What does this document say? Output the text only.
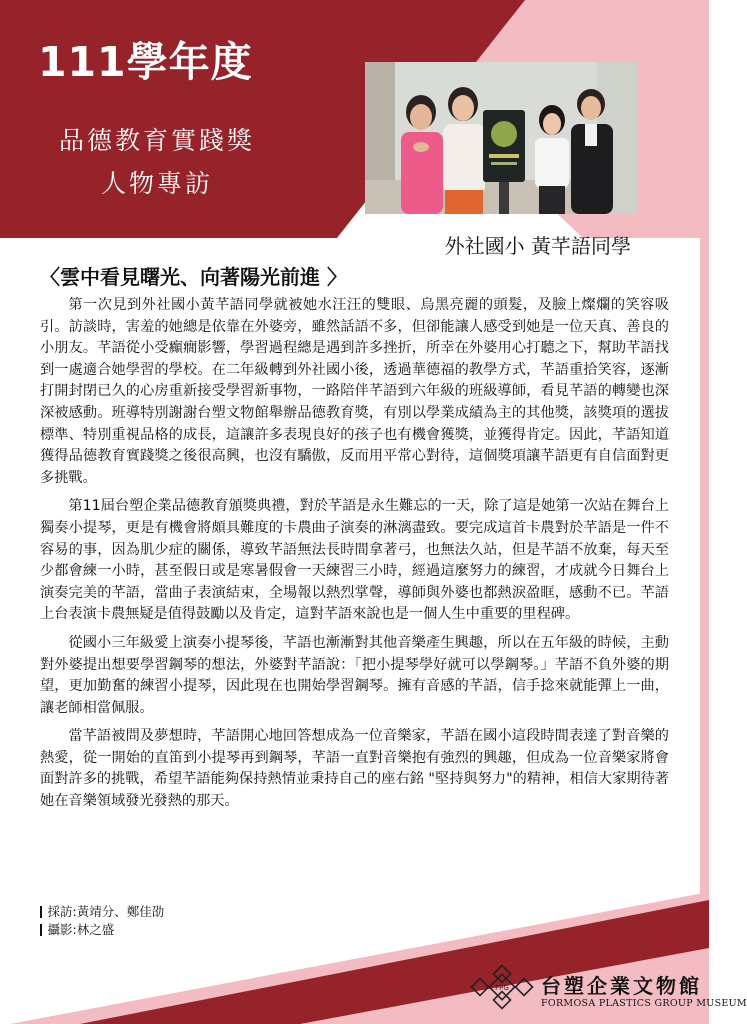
111學年度
品德教育實踐獎
人物專訪
外社國小 黃芊語同學
〈雲中看見曙光、向著陽光前進 〉

第一次見到外社國小黃芊語同學就被她水汪汪的雙眼、烏黑亮麗的頭髮，及臉上燦爛的笑容吸引。訪談時，害羞的她總是依靠在外婆旁，雖然話語不多，但卻能讓人感受到她是一位天真、善良的小朋友。芊語從小受癲癇影響，學習過程總是遇到許多挫折，所幸在外婆用心打聽之下，幫助芊語找到一處適合她學習的學校。在二年級轉到外社國小後，透過華德福的教學方式，芊語重拾笑容，逐漸打開封閉已久的心房重新接受學習新事物，一路陪伴芊語到六年級的班級導師，看見芊語的轉變也深深被感動。班導特別謝謝台塑文物館舉辦品德教育獎，有別以學業成績為主的其他獎，該獎項的選拔標準、特別重視品格的成長，這讓許多表現良好的孩子也有機會獲獎，並獲得肯定。因此，芊語知道獲得品德教育實踐獎之後很高興，也沒有驕傲，反而用平常心對待，這個獎項讓芊語更有自信面對更多挑戰。

第11屆台塑企業品德教育頒獎典禮，對於芊語是永生難忘的一天，除了這是她第一次站在舞台上獨奏小提琴，更是有機會將頗具難度的卡農曲子演奏的淋漓盡致。要完成這首卡農對於芊語是一件不容易的事，因為肌少症的關係，導致芊語無法長時間拿著弓，也無法久站，但是芊語不放棄，每天至少都會練一小時，甚至假日或是寒暑假會一天練習三小時，經過這麼努力的練習，才成就今日舞台上演奏完美的芊語，當曲子表演結束，全場報以熱烈掌聲，導師與外婆也都熱淚盈眶，感動不已。芊語上台表演卡農無疑是值得鼓勵以及肯定，這對芊語來說也是一個人生中重要的里程碑。

從國小三年級愛上演奏小提琴後，芊語也漸漸對其他音樂產生興趣，所以在五年級的時候，主動對外婆提出想要學習鋼琴的想法，外婆對芊語說：「把小提琴學好就可以學鋼琴。」芊語不負外婆的期望，更加勤奮的練習小提琴，因此現在也開始學習鋼琴。擁有音感的芊語，信手捻來就能彈上一曲，讓老師相當佩服。

當芊語被問及夢想時，芊語開心地回答想成為一位音樂家，芊語在國小這段時間表達了對音樂的熱愛，從一開始的直笛到小提琴再到鋼琴，芊語一直對音樂抱有強烈的興趣，但成為一位音樂家將會面對許多的挑戰，希望芊語能夠保持熱情並秉持自己的座右銘 "堅持與努力"的精神，相信大家期待著她在音樂領域發光發熱的那天。

採訪:黃靖分、鄭佳劭
攝影:林之盛
FPG 台塑企業文物館
FORMOSA PLASTICS GROUP MUSEUM
